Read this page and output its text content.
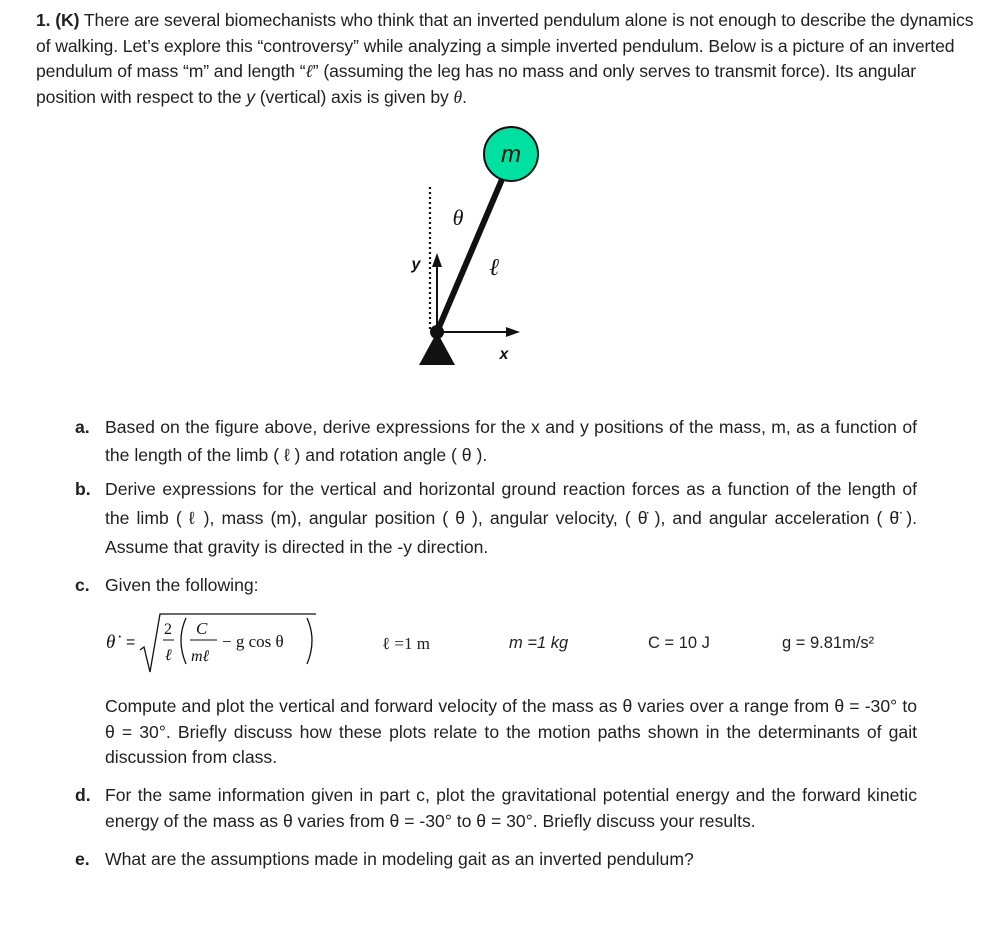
1. (K) There are several biomechanists who think that an inverted pendulum alone is not enough to describe the dynamics of walking. Let’s explore this “controversy” while analyzing a simple inverted pendulum. Below is a picture of an inverted pendulum of mass “m” and length “ℓ” (assuming the leg has no mass and only serves to transmit force). Its angular position with respect to the y (vertical) axis is given by θ.
m
θ
ℓ
y
x
a. Based on the figure above, derive expressions for the x and y positions of the mass, m, as a function of the length of the limb ( ℓ ) and rotation angle ( θ ).
b. Derive expressions for the vertical and horizontal ground reaction forces as a function of the length of the limb ( ℓ ), mass (m), angular position ( θ ), angular velocity, ( θ̇ ), and angular acceleration ( θ̈ ). Assume that gravity is directed in the -y direction.
c. Given the following:
θ̇ =
2
ℓ
C
mℓ
− g cos θ	ℓ =1 m	m =1 kg	C = 10 J	g = 9.81m/s²
Compute and plot the vertical and forward velocity of the mass as θ varies over a range from θ = -30° to θ = 30°. Briefly discuss how these plots relate to the motion paths shown in the determinants of gait discussion from class.
d. For the same information given in part c, plot the gravitational potential energy and the forward kinetic energy of the mass as θ varies from θ = -30° to θ = 30°. Briefly discuss your results.
e. What are the assumptions made in modeling gait as an inverted pendulum?
